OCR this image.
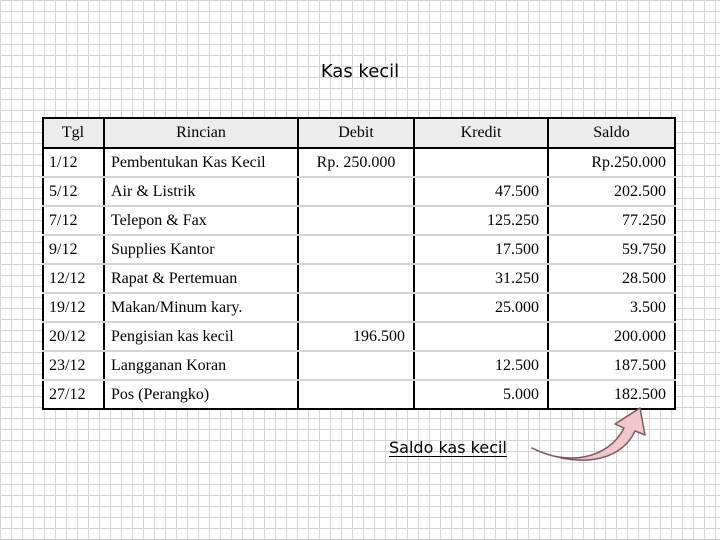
Kas kecil
Tgl	Rincian	Debit	Kredit	Saldo
1/12	Pembentukan Kas Kecil	Rp. 250.000		Rp.250.000
5/12	Air & Listrik		47.500	202.500
7/12	Telepon & Fax		125.250	77.250
9/12	Supplies Kantor		17.500	59.750
12/12	Rapat & Pertemuan		31.250	28.500
19/12	Makan/Minum kary.		25.000	3.500
20/12	Pengisian kas kecil	196.500		200.000
23/12	Langganan Koran		12.500	187.500
27/12	Pos (Perangko)		5.000	182.500
Saldo kas kecil
